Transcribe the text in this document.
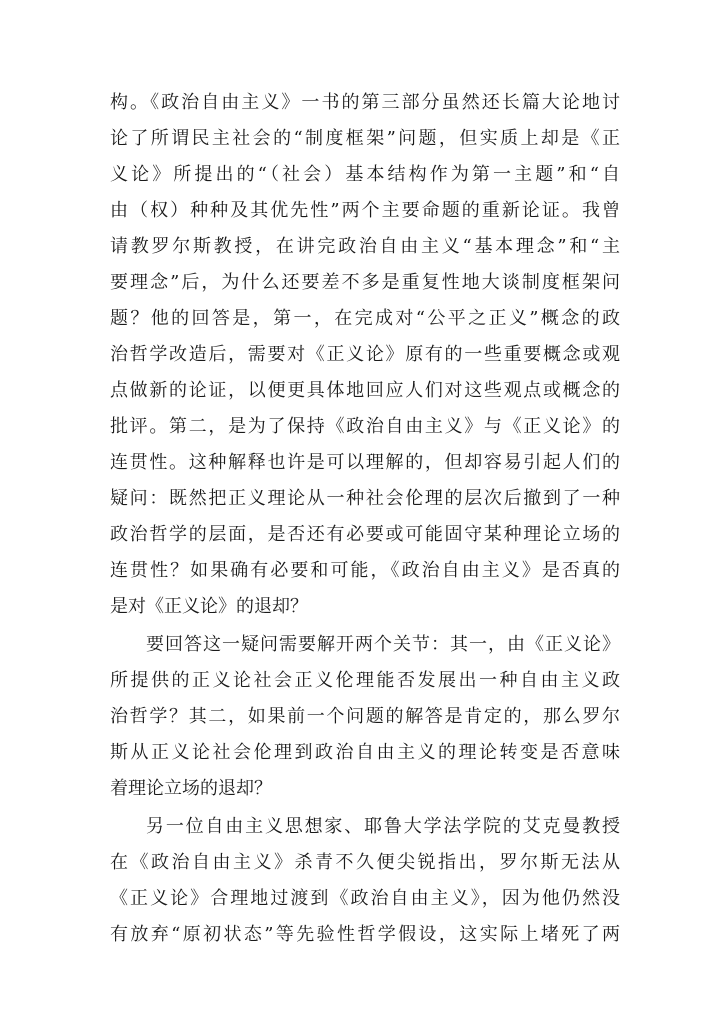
构。《政治自由主义》一书的第三部分虽然还长篇大论地讨
论了所谓民主社会的“制度框架”问题，但实质上却是《正
义论》所提出的“（社会）基本结构作为第一主题”和“自
由（权）种种及其优先性”两个主要命题的重新论证。我曾
请教罗尔斯教授，在讲完政治自由主义“基本理念”和“主
要理念”后，为什么还要差不多是重复性地大谈制度框架问
题？他的回答是，第一，在完成对“公平之正义”概念的政
治哲学改造后，需要对《正义论》原有的一些重要概念或观
点做新的论证，以便更具体地回应人们对这些观点或概念的
批评。第二，是为了保持《政治自由主义》与《正义论》的
连贯性。这种解释也许是可以理解的，但却容易引起人们的
疑问：既然把正义理论从一种社会伦理的层次后撤到了一种
政治哲学的层面，是否还有必要或可能固守某种理论立场的
连贯性？如果确有必要和可能，《政治自由主义》是否真的
是对《正义论》的退却？
要回答这一疑问需要解开两个关节：其一，由《正义论》
所提供的正义论社会正义伦理能否发展出一种自由主义政
治哲学？其二，如果前一个问题的解答是肯定的，那么罗尔
斯从正义论社会伦理到政治自由主义的理论转变是否意味
着理论立场的退却？
另一位自由主义思想家、耶鲁大学法学院的艾克曼教授
在《政治自由主义》杀青不久便尖锐指出，罗尔斯无法从
《正义论》合理地过渡到《政治自由主义》，因为他仍然没
有放弃“原初状态”等先验性哲学假设，这实际上堵死了两
